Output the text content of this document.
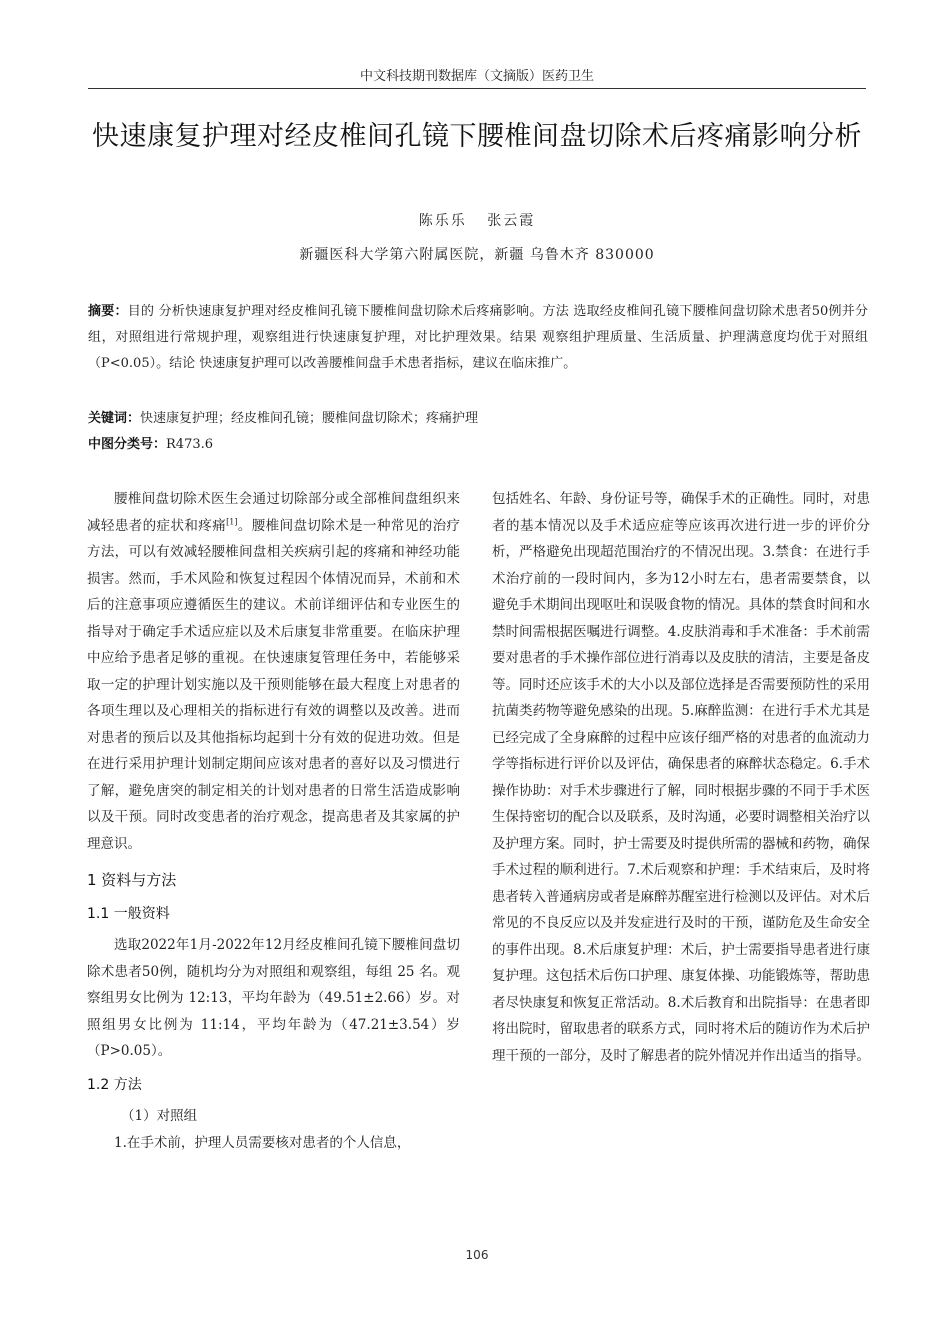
中文科技期刊数据库（文摘版）医药卫生
快速康复护理对经皮椎间孔镜下腰椎间盘切除术后疼痛影响分析
陈乐乐 张云霞
新疆医科大学第六附属医院，新疆 乌鲁木齐 830000
摘要：目的 分析快速康复护理对经皮椎间孔镜下腰椎间盘切除术后疼痛影响。方法 选取经皮椎间孔镜下腰椎间盘切除术患者50例并分组，对照组进行常规护理，观察组进行快速康复护理，对比护理效果。结果 观察组护理质量、生活质量、护理满意度均优于对照组（P<0.05）。结论 快速康复护理可以改善腰椎间盘手术患者指标，建议在临床推广。
关键词：快速康复护理；经皮椎间孔镜；腰椎间盘切除术；疼痛护理
中图分类号：R473.6

腰椎间盘切除术医生会通过切除部分或全部椎间盘组织来减轻患者的症状和疼痛[1]。腰椎间盘切除术是一种常见的治疗方法，可以有效减轻腰椎间盘相关疾病引起的疼痛和神经功能损害。然而，手术风险和恢复过程因个体情况而异，术前和术后的注意事项应遵循医生的建议。术前详细评估和专业医生的指导对于确定手术适应症以及术后康复非常重要。在临床护理中应给予患者足够的重视。在快速康复管理任务中，若能够采取一定的护理计划实施以及干预则能够在最大程度上对患者的各项生理以及心理相关的指标进行有效的调整以及改善。进而对患者的预后以及其他指标均起到十分有效的促进功效。但是在进行采用护理计划制定期间应该对患者的喜好以及习惯进行了解，避免唐突的制定相关的计划对患者的日常生活造成影响以及干预。同时改变患者的治疗观念，提高患者及其家属的护理意识。

1 资料与方法

1.1 一般资料

选取2022年1月-2022年12月经皮椎间孔镜下腰椎间盘切除术患者50例，随机均分为对照组和观察组，每组 25 名。观察组男女比例为 12:13，平均年龄为（49.51±2.66）岁。对照组男女比例为 11:14，平均年龄为（47.21±3.54）岁（P>0.05）。

1.2 方法

（1）对照组

1.在手术前，护理人员需要核对患者的个人信息，

包括姓名、年龄、身份证号等，确保手术的正确性。同时，对患者的基本情况以及手术适应症等应该再次进行进一步的评价分析，严格避免出现超范围治疗的不情况出现。3.禁食：在进行手术治疗前的一段时间内，多为12小时左右，患者需要禁食，以避免手术期间出现呕吐和误吸食物的情况。具体的禁食时间和水禁时间需根据医嘱进行调整。4.皮肤消毒和手术准备：手术前需要对患者的手术操作部位进行消毒以及皮肤的清洁，主要是备皮等。同时还应该手术的大小以及部位选择是否需要预防性的采用抗菌类药物等避免感染的出现。5.麻醉监测：在进行手术尤其是已经完成了全身麻醉的过程中应该仔细严格的对患者的血流动力学等指标进行评价以及评估，确保患者的麻醉状态稳定。6.手术操作协助：对手术步骤进行了解，同时根据步骤的不同于手术医生保持密切的配合以及联系，及时沟通，必要时调整相关治疗以及护理方案。同时，护士需要及时提供所需的器械和药物，确保手术过程的顺利进行。7.术后观察和护理：手术结束后，及时将患者转入普通病房或者是麻醉苏醒室进行检测以及评估。对术后常见的不良反应以及并发症进行及时的干预，谨防危及生命安全的事件出现。8.术后康复护理：术后，护士需要指导患者进行康复护理。这包括术后伤口护理、康复体操、功能锻炼等，帮助患者尽快康复和恢复正常活动。8.术后教育和出院指导：在患者即将出院时，留取患者的联系方式，同时将术后的随访作为术后护理干预的一部分，及时了解患者的院外情况并作出适当的指导。

106
